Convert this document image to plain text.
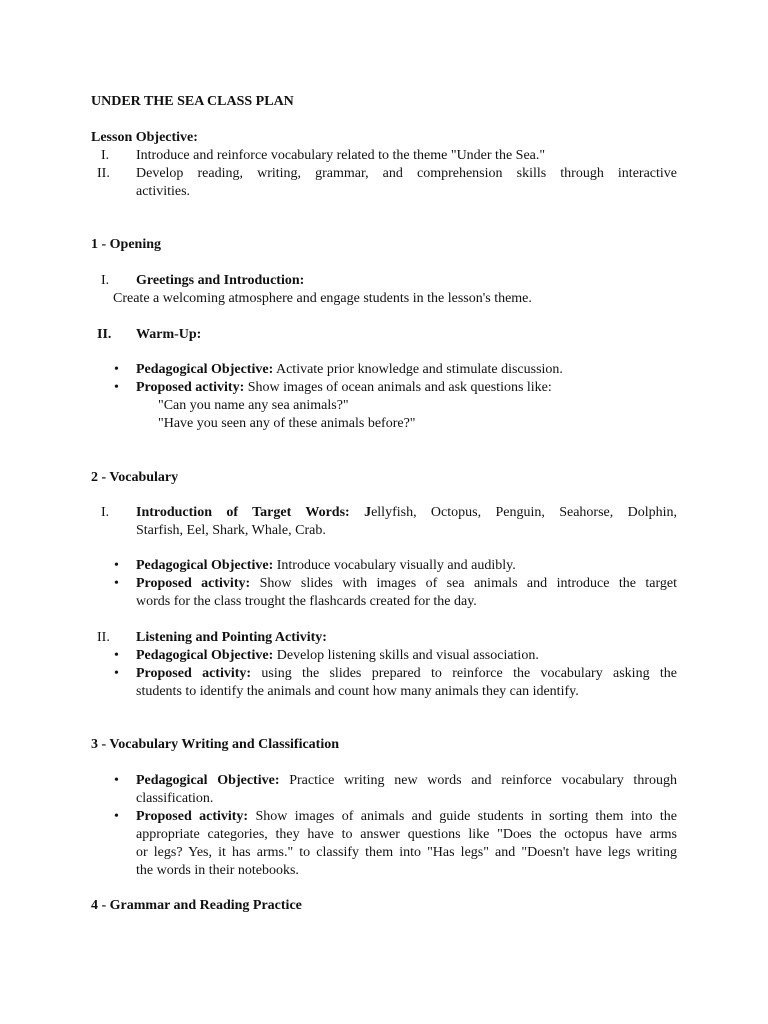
UNDER THE SEA CLASS PLAN
Lesson Objective:
I.	Introduce and reinforce vocabulary related to the theme "Under the Sea."
II.	Develop reading, writing, grammar, and comprehension skills through interactive
activities.
1 - Opening
I.	Greetings and Introduction:
Create a welcoming atmosphere and engage students in the lesson's theme.
II.	Warm-Up:
• Pedagogical Objective: Activate prior knowledge and stimulate discussion.
• Proposed activity: Show images of ocean animals and ask questions like:
"Can you name any sea animals?"
"Have you seen any of these animals before?"
2 - Vocabulary
I.	Introduction of Target Words: Jellyfish, Octopus, Penguin, Seahorse, Dolphin,
Starfish, Eel, Shark, Whale, Crab.
• Pedagogical Objective: Introduce vocabulary visually and audibly.
• Proposed activity: Show slides with images of sea animals and introduce the target
words for the class trought the flashcards created for the day.
II.	Listening and Pointing Activity:
• Pedagogical Objective: Develop listening skills and visual association.
• Proposed activity: using the slides prepared to reinforce the vocabulary asking the
students to identify the animals and count how many animals they can identify.
3 - Vocabulary Writing and Classification
• Pedagogical Objective: Practice writing new words and reinforce vocabulary through
classification.
• Proposed activity: Show images of animals and guide students in sorting them into the
appropriate categories, they have to answer questions like "Does the octopus have arms
or legs? Yes, it has arms." to classify them into "Has legs" and "Doesn't have legs writing
the words in their notebooks.
4 - Grammar and Reading Practice
